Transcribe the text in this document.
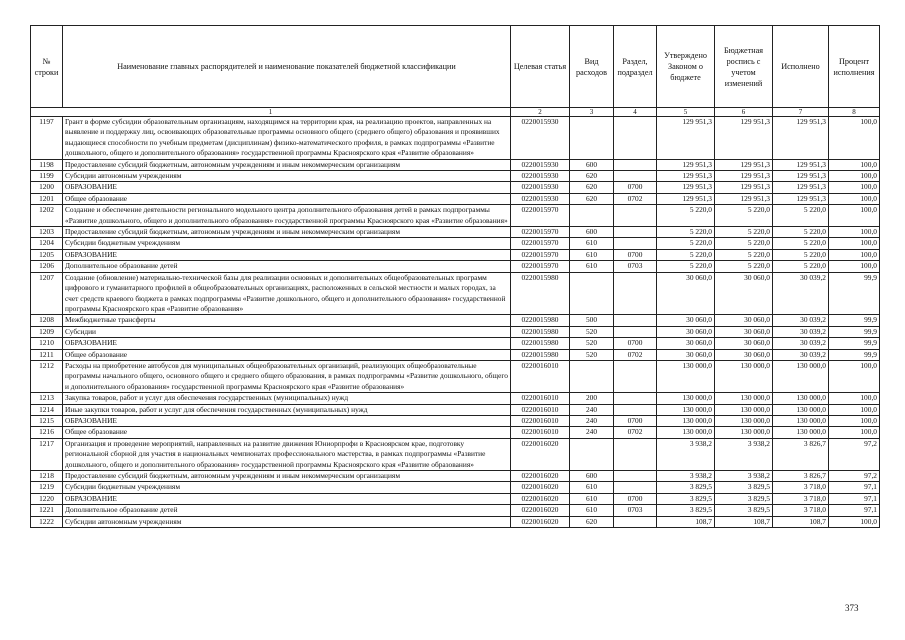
№ строки	Наименование главных распорядителей и наименование показателей бюджетной классификации	Целевая статья	Вид расходов	Раздел, подраздел	Утверждено Законом о бюджете	Бюджетная роспись с учетом изменений	Исполнено	Процент исполнения
1		2	3	4	5	6	7	8
1197	Грант в форме субсидии образовательным организациям, находящимся на территории края, на реализацию проектов, направленных на выявление и поддержку лиц, освоивающих образовательные программы основного общего (среднего общего) образования и проявивших выдающиеся способности по учебным предметам (дисциплинам) физико-математического профиля, в рамках подпрограммы «Развитие дошкольного, общего и дополнительного образования» государственной программы Красноярского края «Развитие образования»	0220015930			129 951,3	129 951,3	129 951,3	100,0
1198	Предоставление субсидий бюджетным, автономным учреждениям и иным некоммерческим организациям	0220015930	600		129 951,3	129 951,3	129 951,3	100,0
1199	Субсидии автономным учреждениям	0220015930	620		129 951,3	129 951,3	129 951,3	100,0
1200	ОБРАЗОВАНИЕ	0220015930	620	0700	129 951,3	129 951,3	129 951,3	100,0
1201	Общее образование	0220015930	620	0702	129 951,3	129 951,3	129 951,3	100,0
1202	Создание и обеспечение деятельности регионального модельного центра дополнительного образования детей в рамках подпрограммы «Развитие дошкольного, общего и дополнительного образования» государственной программы Красноярского края «Развитие образования»	0220015970			5 220,0	5 220,0	5 220,0	100,0
1203	Предоставление субсидий бюджетным, автономным учреждениям и иным некоммерческим организациям	0220015970	600		5 220,0	5 220,0	5 220,0	100,0
1204	Субсидии бюджетным учреждениям	0220015970	610		5 220,0	5 220,0	5 220,0	100,0
1205	ОБРАЗОВАНИЕ	0220015970	610	0700	5 220,0	5 220,0	5 220,0	100,0
1206	Дополнительное образование детей	0220015970	610	0703	5 220,0	5 220,0	5 220,0	100,0
1207	Создание (обновление) материально-технической базы для реализации основных и дополнительных общеобразовательных программ цифрового и гуманитарного профилей в общеобразовательных организациях, расположенных в сельской местности и малых городах, за счет средств краевого бюджета в рамках подпрограммы «Развитие дошкольного, общего и дополнительного образования» государственной программы Красноярского края «Развитие образования»	0220015980			30 060,0	30 060,0	30 039,2	99,9
1208	Межбюджетные трансферты	0220015980	500		30 060,0	30 060,0	30 039,2	99,9
1209	Субсидии	0220015980	520		30 060,0	30 060,0	30 039,2	99,9
1210	ОБРАЗОВАНИЕ	0220015980	520	0700	30 060,0	30 060,0	30 039,2	99,9
1211	Общее образование	0220015980	520	0702	30 060,0	30 060,0	30 039,2	99,9
1212	Расходы на приобретение автобусов для муниципальных общеобразовательных организаций, реализующих общеобразовательные программы начального общего, основного общего и среднего общего образования, в рамках подпрограммы «Развитие дошкольного, общего и дополнительного образования» государственной программы Красноярского края «Развитие образования»	0220016010			130 000,0	130 000,0	130 000,0	100,0
1213	Закупка товаров, работ и услуг для обеспечения государственных (муниципальных) нужд	0220016010	200		130 000,0	130 000,0	130 000,0	100,0
1214	Иные закупки товаров, работ и услуг для обеспечения государственных (муниципальных) нужд	0220016010	240		130 000,0	130 000,0	130 000,0	100,0
1215	ОБРАЗОВАНИЕ	0220016010	240	0700	130 000,0	130 000,0	130 000,0	100,0
1216	Общее образование	0220016010	240	0702	130 000,0	130 000,0	130 000,0	100,0
1217	Организация и проведение мероприятий, направленных на развитие движения Юниорпрофи в Красноярском крае, подготовку региональной сборной для участия в национальных чемпионатах профессионального мастерства, в рамках подпрограммы «Развитие дошкольного, общего и дополнительного образования» государственной программы Красноярского края «Развитие образования»	0220016020			3 938,2	3 938,2	3 826,7	97,2
1218	Предоставление субсидий бюджетным, автономным учреждениям и иным некоммерческим организациям	0220016020	600		3 938,2	3 938,2	3 826,7	97,2
1219	Субсидии бюджетным учреждениям	0220016020	610		3 829,5	3 829,5	3 718,0	97,1
1220	ОБРАЗОВАНИЕ	0220016020	610	0700	3 829,5	3 829,5	3 718,0	97,1
1221	Дополнительное образование детей	0220016020	610	0703	3 829,5	3 829,5	3 718,0	97,1
1222	Субсидии автономным учреждениям	0220016020	620		108,7	108,7	108,7	100,0
373
